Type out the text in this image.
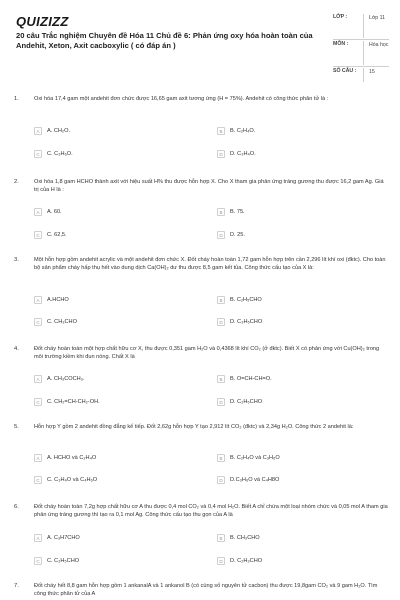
QUIZIZZ
20 câu Trắc nghiệm Chuyên đề Hóa 11 Chủ đề 6: Phản ứng oxy hóa hoàn toàn của Andehit, Xeton, Axit cacboxylic ( có đáp án )
LỚP :	Lớp 11
MÔN :	Hóa học
SỐ CÂU :	15
1.	Oxi hóa 17,4 gam một andehit đơn chức được 16,65 gam axit tương ứng (H = 75%). Andehit có công thức phân tử là :
A	A. CH₂O.	B	B. C₂H₄O.
C	C. C₃H₆O.	D	D. C₃H₄O.
2.	Oxi hóa 1,8 gam HCHO thành axit với hiệu suất H% thu được hỗn hợp X. Cho X tham gia phản ứng tráng gương thu được 16,2 gam Ag. Giá trị của H là :
A	A. 60.	B	B. 75.
C	C. 62,5.	D	D. 25.
3.	Một hỗn hợp gồm andehit acrylic và một andehit đơn chức X. Đốt cháy hoàn toàn 1,72 gam hỗn hợp trên cần 2,296 lít khí oxi (đktc). Cho toàn bộ sản phẩm cháy hấp thụ hết vào dung dịch Ca(OH)₂ dư thu được 8,5 gam kết tủa. Công thức cấu tạo của X là:
A	A.HCHO	B	B. C₂H₅CHO
C	C. CH₃CHO	D	D. C₃H₅CHO
4.	Đốt cháy hoàn toàn một hợp chất hữu cơ X, thu được 0,351 gam H₂O và 0,4368 lít khí CO₂ (ở đktc). Biết X có phản ứng với Cu(OH)₂ trong môi trường kiềm khi đun nóng. Chất X là
A	A. CH₃COCH₃.	B	B. O=CH-CH=O.
C	C. CH₂=CH-CH₂-OH.	D	D. C₂H₅CHO
5.	Hỗn hợp Y gồm 2 andehit đồng đẳng kế tiếp. Đốt 2,62g hỗn hợp Y tạo 2,912 lít CO₂ (đktc) và 2,34g H₂O. Công thức 2 andehit là:
A	A. HCHO và C₂H₄O	B	B. C₂H₄O và C₃H₆O
C	C. C₃H₄O và C₄H₆O	D	D.C₃H₆O và C₄H8O
6.	Đốt cháy hoàn toàn 7,2g hợp chất hữu cơ A thu được 0,4 mol CO₂ và 0,4 mol H₂O. Biết A chỉ chứa một loại nhóm chức và 0,05 mol A tham gia phản ứng tráng gương thì tạo ra 0,1 mol Ag. Công thức cấu tạo thu gọn của A là
A	A. C₃H7CHO	B	B. CH₃CHO
C	C. C₂H₅CHO	D	D. C₂H₃CHO
7.	Đốt cháy hết 8,8 gam hỗn hợp gồm 1 ankanalA và 1 ankanol B (có cùng số nguyên tử cacbon) thu được 19,8gam CO₂ và 9 gam H₂O. Tìm công thức phân tử của A
